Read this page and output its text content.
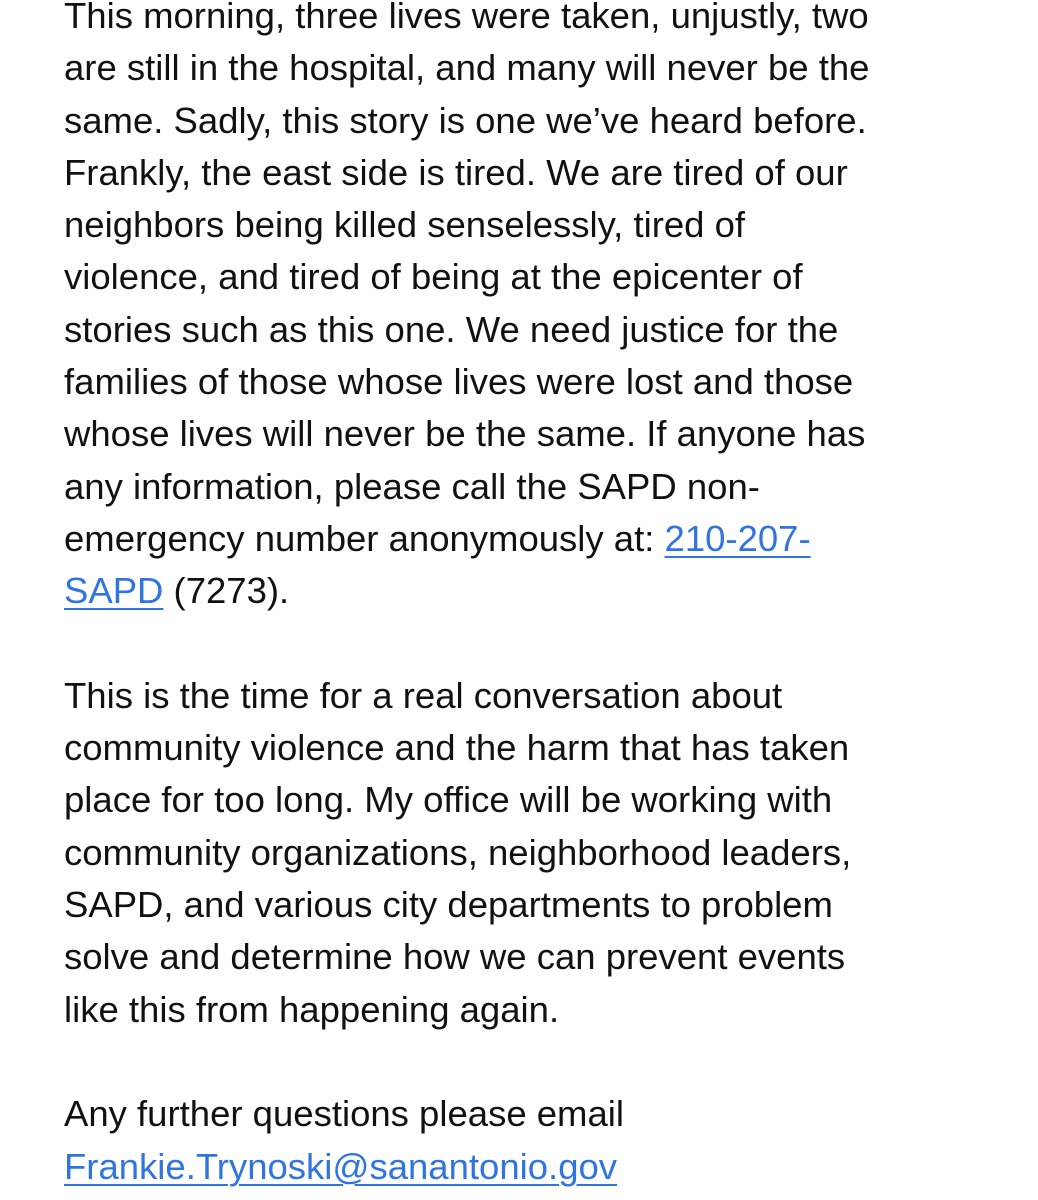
This morning, three lives were taken, unjustly, two
are still in the hospital, and many will never be the
same. Sadly, this story is one we’ve heard before.
Frankly, the east side is tired. We are tired of our
neighbors being killed senselessly, tired of
violence, and tired of being at the epicenter of
stories such as this one. We need justice for the
families of those whose lives were lost and those
whose lives will never be the same. If anyone has
any information, please call the SAPD non-
emergency number anonymously at: 210-207-
SAPD (7273).

This is the time for a real conversation about
community violence and the harm that has taken
place for too long. My office will be working with
community organizations, neighborhood leaders,
SAPD, and various city departments to problem
solve and determine how we can prevent events
like this from happening again.

Any further questions please email
Frankie.Trynoski@sanantonio.gov
